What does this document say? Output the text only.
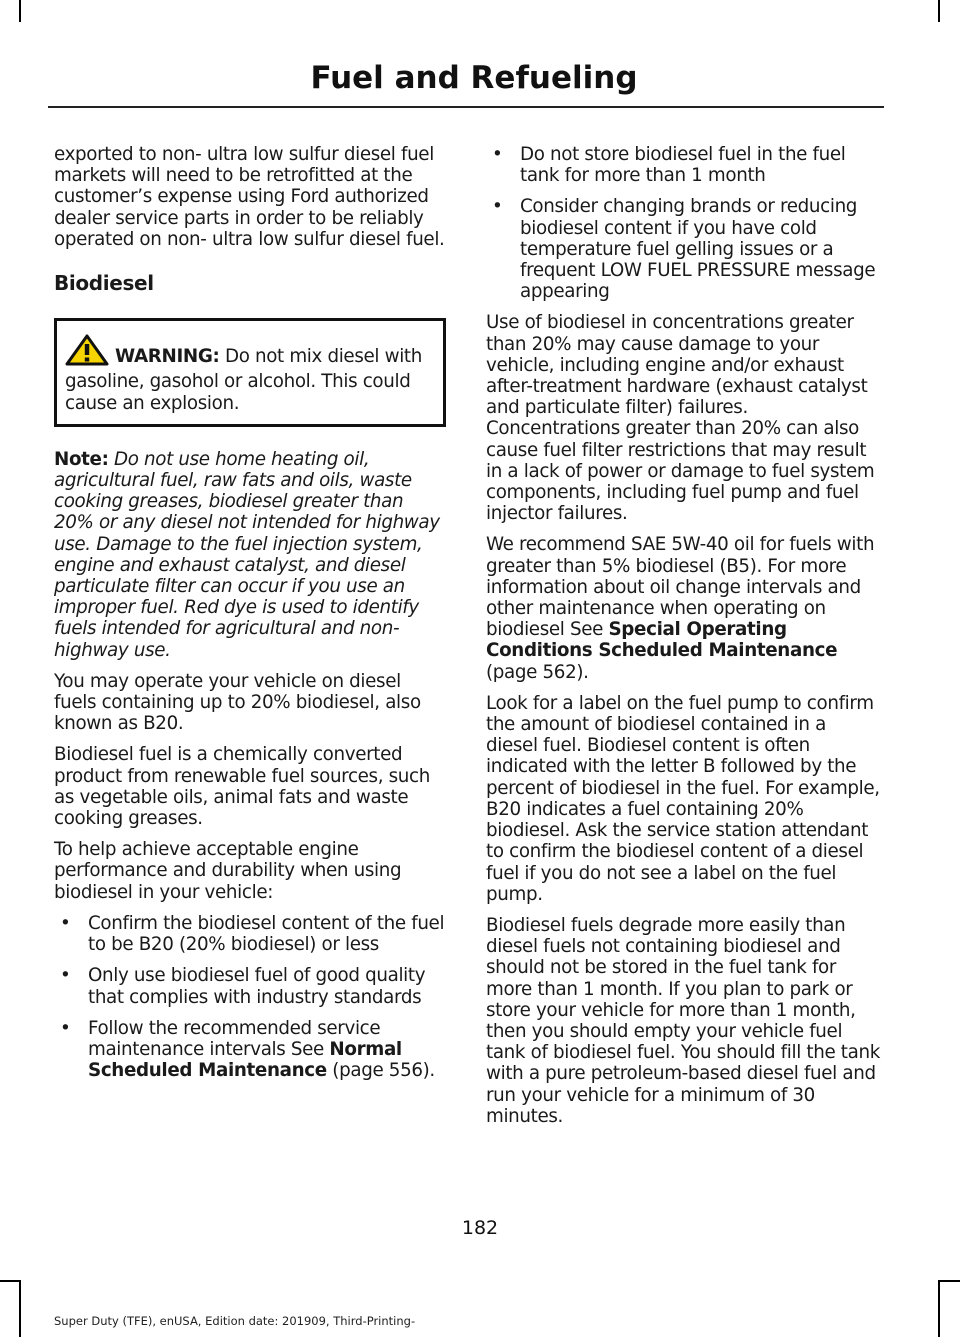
Fuel and Refueling

exported to non- ultra low sulfur diesel fuel markets will need to be retrofitted at the customer’s expense using Ford authorized dealer service parts in order to be reliably operated on non- ultra low sulfur diesel fuel.

Biodiesel
WARNING: Do not mix diesel with gasoline, gasohol or alcohol. This could cause an explosion.

Note: Do not use home heating oil, agricultural fuel, raw fats and oils, waste cooking greases, biodiesel greater than 20% or any diesel not intended for highway use. Damage to the fuel injection system, engine and exhaust catalyst, and diesel particulate filter can occur if you use an improper fuel. Red dye is used to identify fuels intended for agricultural and non-highway use.

You may operate your vehicle on diesel fuels containing up to 20% biodiesel, also known as B20.

Biodiesel fuel is a chemically converted product from renewable fuel sources, such as vegetable oils, animal fats and waste cooking greases.

To help achieve acceptable engine performance and durability when using biodiesel in your vehicle:

• Confirm the biodiesel content of the fuel to be B20 (20% biodiesel) or less
• Only use biodiesel fuel of good quality that complies with industry standards
• Follow the recommended service maintenance intervals See Normal Scheduled Maintenance (page 556).
• Do not store biodiesel fuel in the fuel tank for more than 1 month
• Consider changing brands or reducing biodiesel content if you have cold temperature fuel gelling issues or a frequent LOW FUEL PRESSURE message appearing

Use of biodiesel in concentrations greater than 20% may cause damage to your vehicle, including engine and/or exhaust after-treatment hardware (exhaust catalyst and particulate filter) failures. Concentrations greater than 20% can also cause fuel filter restrictions that may result in a lack of power or damage to fuel system components, including fuel pump and fuel injector failures.

We recommend SAE 5W-40 oil for fuels with greater than 5% biodiesel (B5). For more information about oil change intervals and other maintenance when operating on biodiesel See Special Operating Conditions Scheduled Maintenance (page 562).

Look for a label on the fuel pump to confirm the amount of biodiesel contained in a diesel fuel. Biodiesel content is often indicated with the letter B followed by the percent of biodiesel in the fuel. For example, B20 indicates a fuel containing 20% biodiesel. Ask the service station attendant to confirm the biodiesel content of a diesel fuel if you do not see a label on the fuel pump.

Biodiesel fuels degrade more easily than diesel fuels not containing biodiesel and should not be stored in the fuel tank for more than 1 month. If you plan to park or store your vehicle for more than 1 month, then you should empty your vehicle fuel tank of biodiesel fuel. You should fill the tank with a pure petroleum-based diesel fuel and run your vehicle for a minimum of 30 minutes.

182
Super Duty (TFE), enUSA, Edition date: 201909, Third-Printing-
